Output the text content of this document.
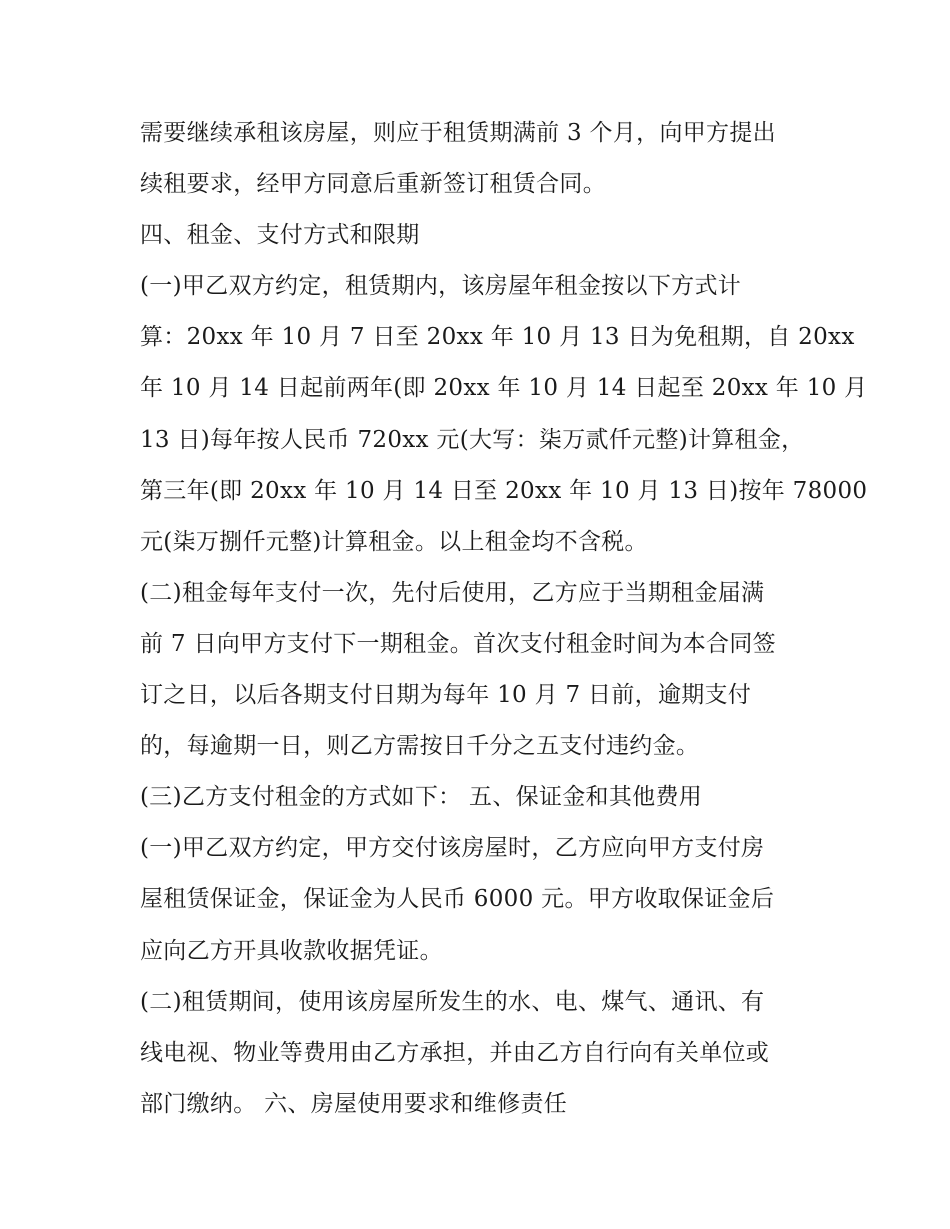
需要继续承租该房屋，则应于租赁期满前 3 个月，向甲方提出
续租要求，经甲方同意后重新签订租赁合同。
四、租金、支付方式和限期
(一)甲乙双方约定，租赁期内，该房屋年租金按以下方式计
算：20xx 年 10 月 7 日至 20xx 年 10 月 13 日为免租期，自 20xx
年 10 月 14 日起前两年(即 20xx 年 10 月 14 日起至 20xx 年 10 月
13 日)每年按人民币 720xx 元(大写：柒万贰仟元整)计算租金，
第三年(即 20xx 年 10 月 14 日至 20xx 年 10 月 13 日)按年 78000
元(柒万捌仟元整)计算租金。以上租金均不含税。
(二)租金每年支付一次，先付后使用，乙方应于当期租金届满
前 7 日向甲方支付下一期租金。首次支付租金时间为本合同签
订之日，以后各期支付日期为每年 10 月 7 日前，逾期支付
的，每逾期一日，则乙方需按日千分之五支付违约金。
(三)乙方支付租金的方式如下： 五、保证金和其他费用
(一)甲乙双方约定，甲方交付该房屋时，乙方应向甲方支付房
屋租赁保证金，保证金为人民币 6000 元。甲方收取保证金后
应向乙方开具收款收据凭证。
(二)租赁期间，使用该房屋所发生的水、电、煤气、通讯、有
线电视、物业等费用由乙方承担，并由乙方自行向有关单位或
部门缴纳。 六、房屋使用要求和维修责任
